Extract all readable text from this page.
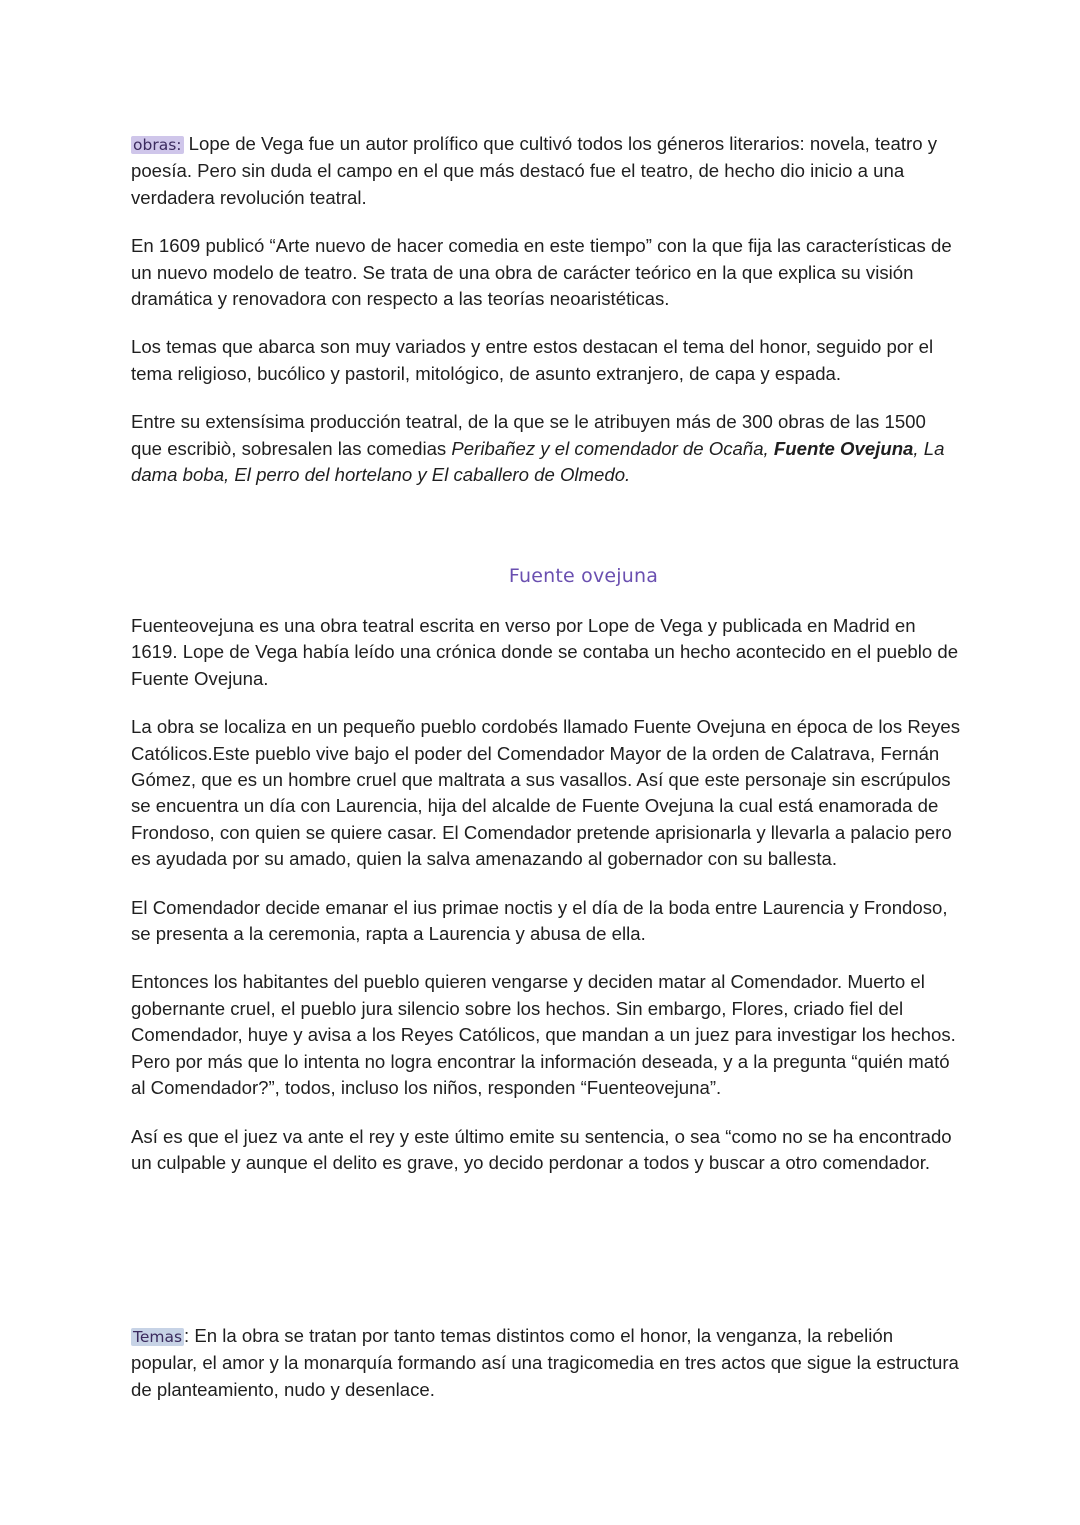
obras: Lope de Vega fue un autor prolífico que cultivó todos los géneros literarios: novela, teatro y poesía. Pero sin duda el campo en el que más destacó fue el teatro, de hecho dio inicio a una verdadera revolución teatral.

En 1609 publicó “Arte nuevo de hacer comedia en este tiempo” con la que fija las características de un nuevo modelo de teatro. Se trata de una obra de carácter teórico en la que explica su visión dramática y renovadora con respecto a las teorías neoaristéticas.

Los temas que abarca son muy variados y entre estos destacan el tema del honor, seguido por el tema religioso, bucólico y pastoril, mitológico, de asunto extranjero, de capa y espada.

Entre su extensísima producción teatral, de la que se le atribuyen más de 300 obras de las 1500 que escribiò, sobresalen las comedias Peribañez y el comendador de Ocaña, Fuente Ovejuna, La dama boba, El perro del hortelano y El caballero de Olmedo.

Fuente ovejuna

Fuenteovejuna es una obra teatral escrita en verso por Lope de Vega y publicada en Madrid en 1619. Lope de Vega había leído una crónica donde se contaba un hecho acontecido en el pueblo de Fuente Ovejuna.

La obra se localiza en un pequeño pueblo cordobés llamado Fuente Ovejuna en época de los Reyes Católicos.Este pueblo vive bajo el poder del Comendador Mayor de la orden de Calatrava, Fernán Gómez, que es un hombre cruel que maltrata a sus vasallos. Así que este personaje sin escrúpulos se encuentra un día con Laurencia, hija del alcalde de Fuente Ovejuna la cual está enamorada de Frondoso, con quien se quiere casar. El Comendador pretende aprisionarla y llevarla a palacio pero es ayudada por su amado, quien la salva amenazando al gobernador con su ballesta.

El Comendador decide emanar el ius primae noctis y el día de la boda entre Laurencia y Frondoso, se presenta a la ceremonia, rapta a Laurencia y abusa de ella.

Entonces los habitantes del pueblo quieren vengarse y deciden matar al Comendador. Muerto el gobernante cruel, el pueblo jura silencio sobre los hechos. Sin embargo, Flores, criado fiel del Comendador, huye y avisa a los Reyes Católicos, que mandan a un juez para investigar los hechos. Pero por más que lo intenta no logra encontrar la información deseada, y a la pregunta “quién mató al Comendador?”, todos, incluso los niños, responden “Fuenteovejuna”.

Así es que el juez va ante el rey y este último emite su sentencia, o sea “como no se ha encontrado un culpable y aunque el delito es grave, yo decido perdonar a todos y buscar a otro comendador.

Temas : En la obra se tratan por tanto temas distintos como el honor, la venganza, la rebelión popular, el amor y la monarquía formando así una tragicomedia en tres actos que sigue la estructura de planteamiento, nudo y desenlace.
